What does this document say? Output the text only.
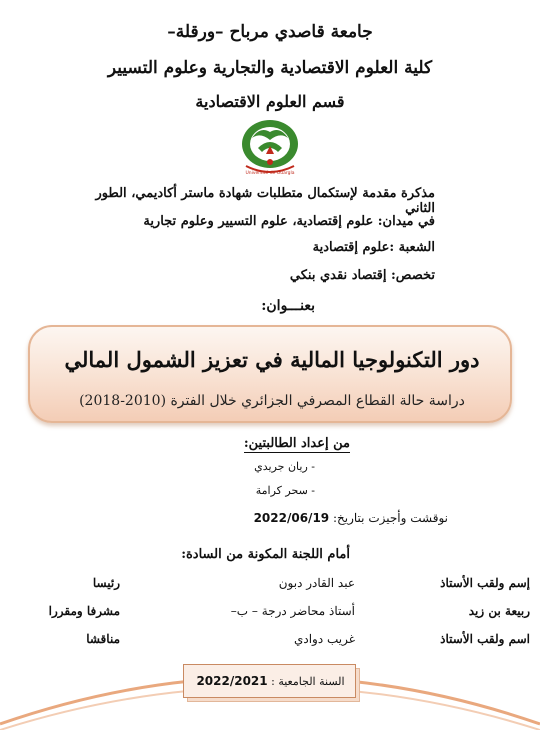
جامعة قاصدي مرباح –ورقلة–
كلية العلوم الاقتصادية والتجارية وعلوم التسيير
قسم العلوم الاقتصادية
Université de Ouargla
مذكرة مقدمة لإستكمال متطلبات شهادة ماستر أكاديمي، الطور الثاني
في ميدان: علوم إقتصادية، علوم التسيير وعلوم تجارية
الشعبة :علوم إقتصادية
تخصص: إقتصاد نقدي بنكي
بعنـــوان:
دور التكنولوجيا المالية في تعزيز الشمول المالي
دراسة حالة القطاع المصرفي الجزائري خلال الفترة (2010-2018)
من إعداد الطالبتين:
- ريان جريدي
- سحر كرامة
نوقشت وأجيزت بتاريخ: 2022/06/19
أمام اللجنة المكونة من السادة:
إسم ولقب الأستاذ
عبد القادر دبون
رئيسا
ربيعة بن زيد
أستاذ محاضر درجة – ب–
مشرفا ومقررا
اسم ولقب الأستاذ
غريب دوادي
مناقشا
السنة الجامعية : 2022/2021
